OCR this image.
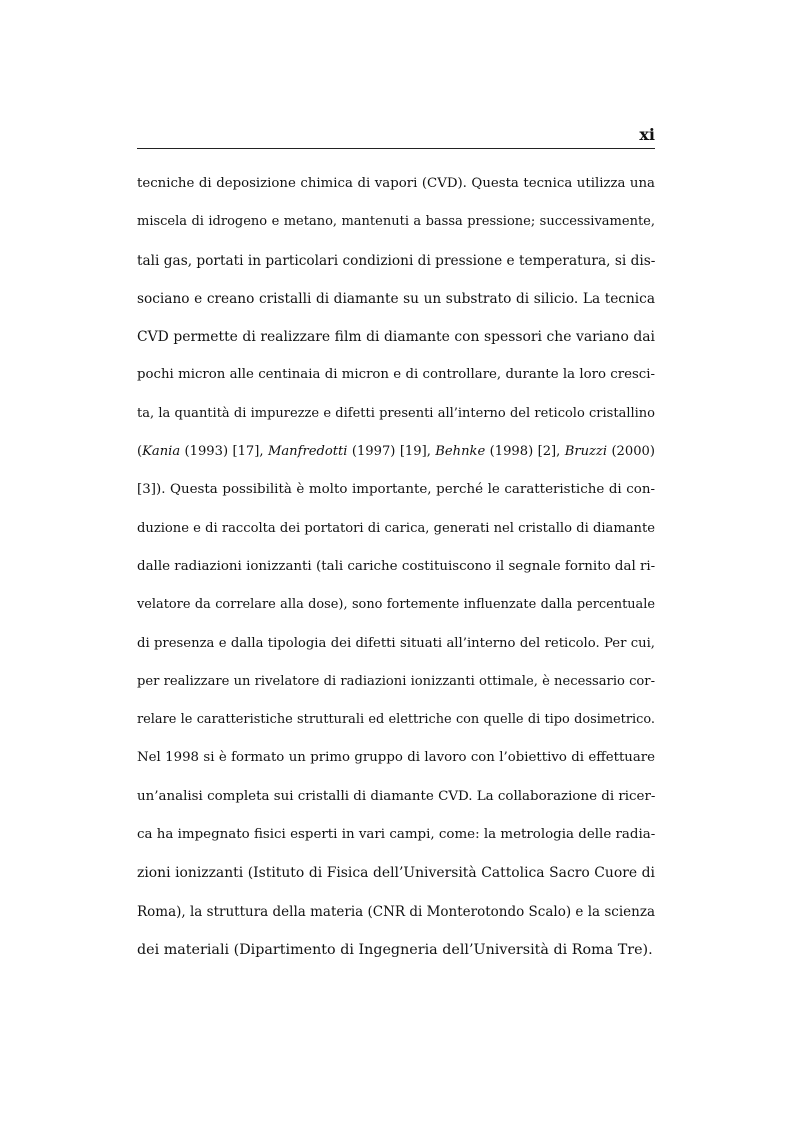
xi
tecniche di deposizione chimica di vapori (CVD). Questa tecnica utilizza una
miscela di idrogeno e metano, mantenuti a bassa pressione; successivamente,
tali gas, portati in particolari condizioni di pressione e temperatura, si dis-
sociano e creano cristalli di diamante su un substrato di silicio. La tecnica
CVD permette di realizzare film di diamante con spessori che variano dai
pochi micron alle centinaia di micron e di controllare, durante la loro cresci-
ta, la quantità di impurezze e difetti presenti all’interno del reticolo cristallino
(Kania (1993) [17], Manfredotti (1997) [19], Behnke (1998) [2], Bruzzi (2000)
[3]). Questa possibilità è molto importante, perché le caratteristiche di con-
duzione e di raccolta dei portatori di carica, generati nel cristallo di diamante
dalle radiazioni ionizzanti (tali cariche costituiscono il segnale fornito dal ri-
velatore da correlare alla dose), sono fortemente influenzate dalla percentuale
di presenza e dalla tipologia dei difetti situati all’interno del reticolo. Per cui,
per realizzare un rivelatore di radiazioni ionizzanti ottimale, è necessario cor-
relare le caratteristiche strutturali ed elettriche con quelle di tipo dosimetrico.
Nel 1998 si è formato un primo gruppo di lavoro con l’obiettivo di effettuare
un’analisi completa sui cristalli di diamante CVD. La collaborazione di ricer-
ca ha impegnato fisici esperti in vari campi, come: la metrologia delle radia-
zioni ionizzanti (Istituto di Fisica dell’Università Cattolica Sacro Cuore di
Roma), la struttura della materia (CNR di Monterotondo Scalo) e la scienza
dei materiali (Dipartimento di Ingegneria dell’Università di Roma Tre).
